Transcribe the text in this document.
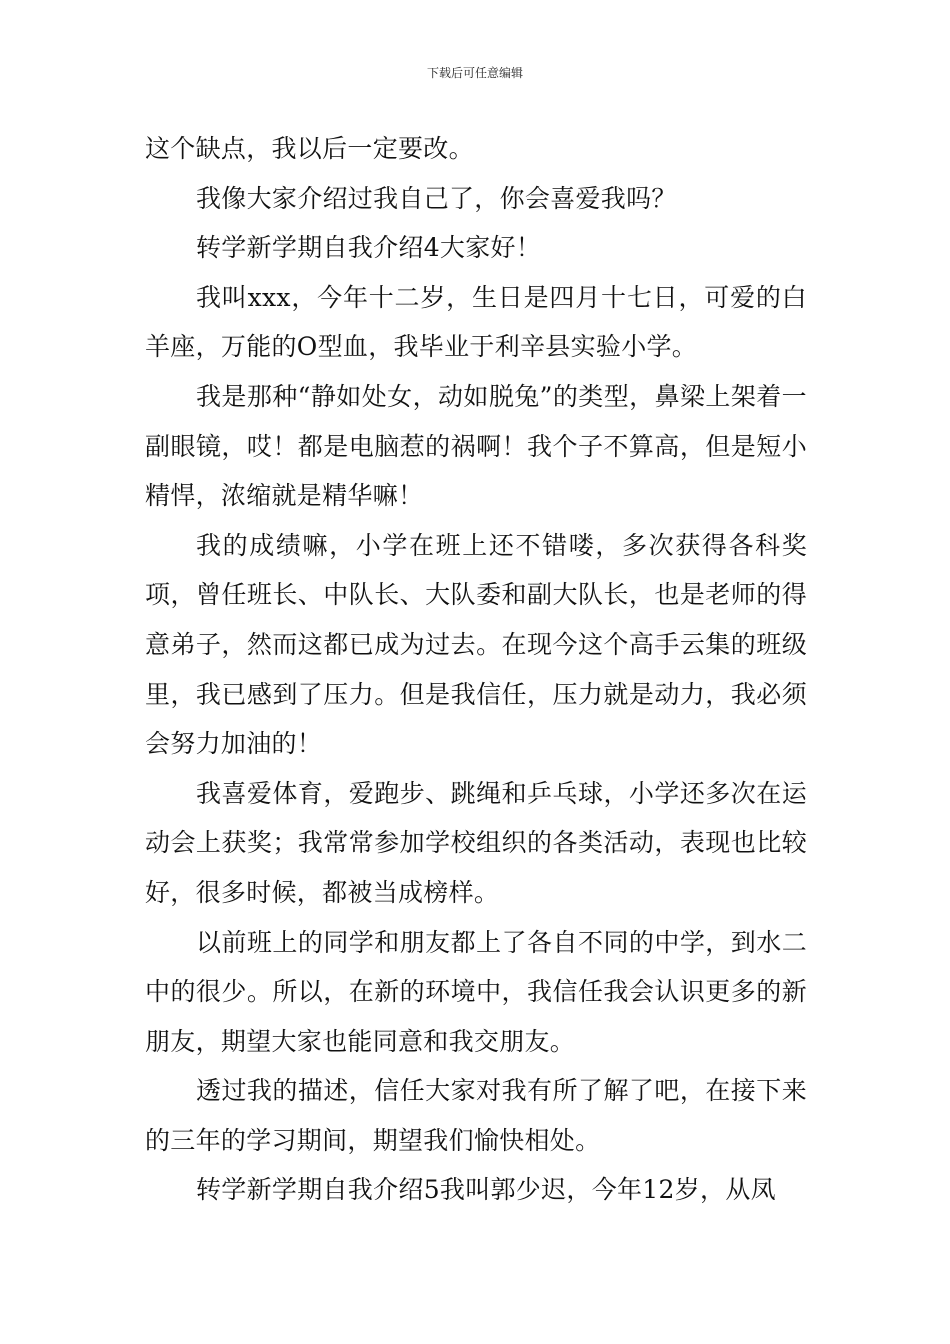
下载后可任意编辑

这个缺点，我以后一定要改。

我像大家介绍过我自己了，你会喜爱我吗？

转学新学期自我介绍4大家好！

我叫xxx，今年十二岁，生日是四月十七日，可爱的白羊座，万能的O型血，我毕业于利辛县实验小学。

我是那种“静如处女，动如脱兔”的类型，鼻梁上架着一副眼镜，哎！都是电脑惹的祸啊！我个子不算高，但是短小精悍，浓缩就是精华嘛！

我的成绩嘛，小学在班上还不错喽，多次获得各科奖项，曾任班长、中队长、大队委和副大队长，也是老师的得意弟子，然而这都已成为过去。在现今这个高手云集的班级里，我已感到了压力。但是我信任，压力就是动力，我必须会努力加油的！

我喜爱体育，爱跑步、跳绳和乒乓球，小学还多次在运动会上获奖；我常常参加学校组织的各类活动，表现也比较好，很多时候，都被当成榜样。

以前班上的同学和朋友都上了各自不同的中学，到水二中的很少。所以，在新的环境中，我信任我会认识更多的新朋友，期望大家也能同意和我交朋友。

透过我的描述，信任大家对我有所了解了吧，在接下来的三年的学习期间，期望我们愉快相处。

转学新学期自我介绍5我叫郭少迟，今年12岁，从凤
